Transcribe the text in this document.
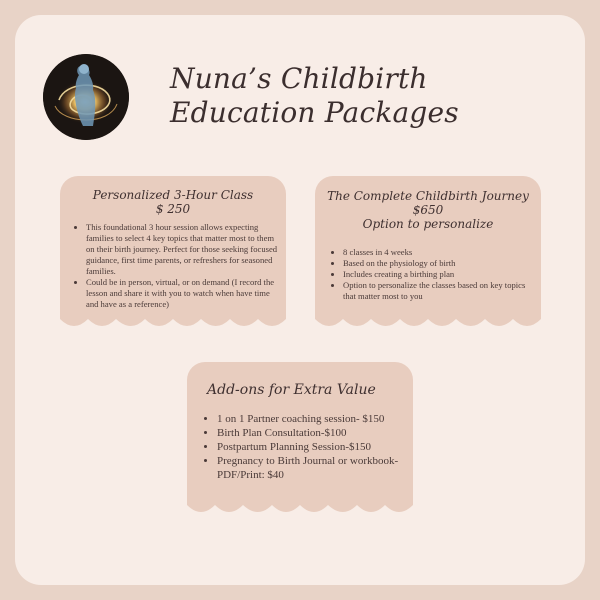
Nuna’s Childbirth
Education Packages
Personalized 3-Hour Class
$ 250
• This foundational 3 hour session allows expecting families to select 4 key topics that matter most to them on their birth journey. Perfect for those seeking focused guidance, first time parents, or refreshers for seasoned families.
• Could be in person, virtual, or on demand (I record the lesson and share it with you to watch when have time and have as a reference)
The Complete Childbirth Journey
$650
Option to personalize
• 8 classes in 4 weeks
• Based on the physiology of birth
• Includes creating a birthing plan
• Option to personalize the classes based on key topics that matter most to you
Add-ons for Extra Value
• 1 on 1 Partner coaching session- $150
• Birth Plan Consultation-$100
• Postpartum Planning Session-$150
• Pregnancy to Birth Journal or workbook- PDF/Print: $40
